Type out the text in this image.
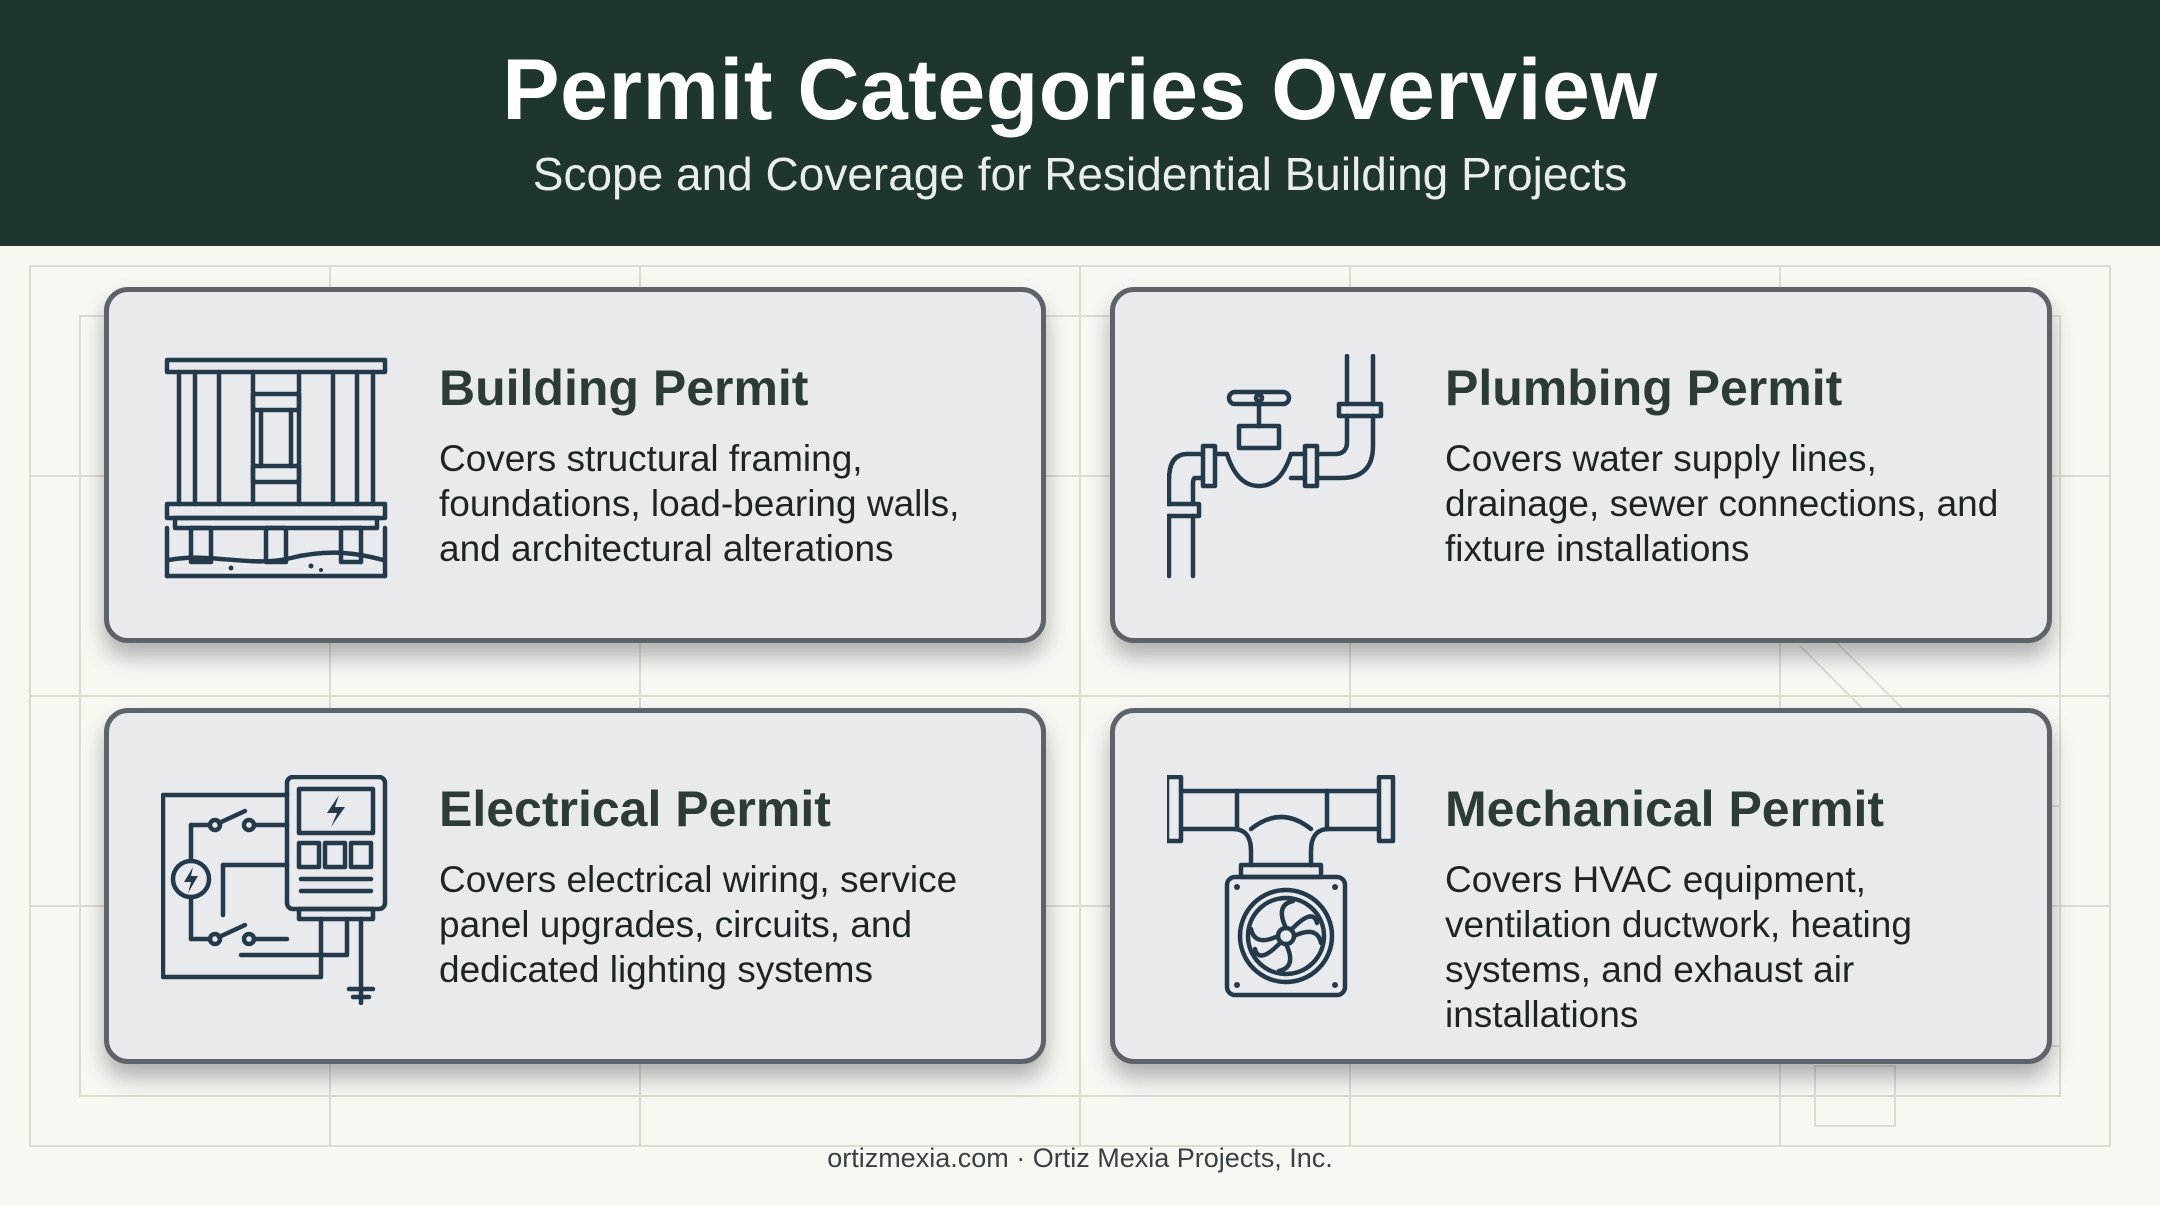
Permit Categories Overview
Scope and Coverage for Residential Building Projects
Building Permit
Covers structural framing, foundations, load-bearing walls, and architectural alterations
Plumbing Permit
Covers water supply lines, drainage, sewer connections, and fixture installations
Electrical Permit
Covers electrical wiring, service panel upgrades, circuits, and dedicated lighting systems
Mechanical Permit
Covers HVAC equipment, ventilation ductwork, heating systems, and exhaust air installations
ortizmexia.com · Ortiz Mexia Projects, Inc.
